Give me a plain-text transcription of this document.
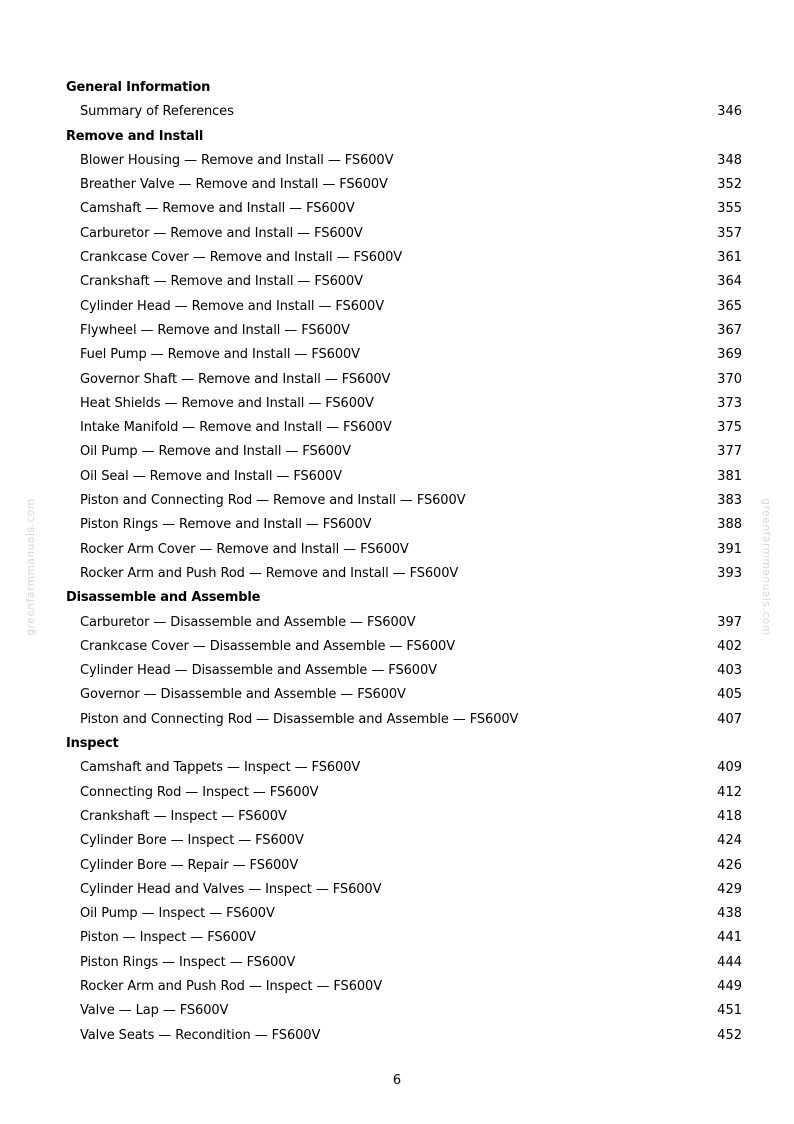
greenfarmmanuals.com	greenfarmmanuals.com
General Information
Summary of References	346
Remove and Install
Blower Housing — Remove and Install — FS600V	348
Breather Valve — Remove and Install — FS600V	352
Camshaft — Remove and Install — FS600V	355
Carburetor — Remove and Install — FS600V	357
Crankcase Cover — Remove and Install — FS600V	361
Crankshaft — Remove and Install — FS600V	364
Cylinder Head — Remove and Install — FS600V	365
Flywheel — Remove and Install — FS600V	367
Fuel Pump — Remove and Install — FS600V	369
Governor Shaft — Remove and Install — FS600V	370
Heat Shields — Remove and Install — FS600V	373
Intake Manifold — Remove and Install — FS600V	375
Oil Pump — Remove and Install — FS600V	377
Oil Seal — Remove and Install — FS600V	381
Piston and Connecting Rod — Remove and Install — FS600V	383
Piston Rings — Remove and Install — FS600V	388
Rocker Arm Cover — Remove and Install — FS600V	391
Rocker Arm and Push Rod — Remove and Install — FS600V	393
Disassemble and Assemble
Carburetor — Disassemble and Assemble — FS600V	397
Crankcase Cover — Disassemble and Assemble — FS600V	402
Cylinder Head — Disassemble and Assemble — FS600V	403
Governor — Disassemble and Assemble — FS600V	405
Piston and Connecting Rod — Disassemble and Assemble — FS600V	407
Inspect
Camshaft and Tappets — Inspect — FS600V	409
Connecting Rod — Inspect — FS600V	412
Crankshaft — Inspect — FS600V	418
Cylinder Bore — Inspect — FS600V	424
Cylinder Bore — Repair — FS600V	426
Cylinder Head and Valves — Inspect — FS600V	429
Oil Pump — Inspect — FS600V	438
Piston — Inspect — FS600V	441
Piston Rings — Inspect — FS600V	444
Rocker Arm and Push Rod — Inspect — FS600V	449
Valve — Lap — FS600V	451
Valve Seats — Recondition — FS600V	452
6
